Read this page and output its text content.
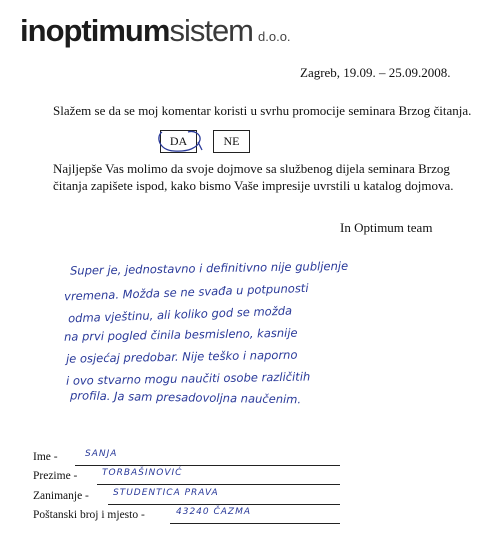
inoptimumsistem d.o.o.
Zagreb, 19.09. – 25.09.2008.
Slažem se da se moj komentar koristi u svrhu promocije seminara Brzog čitanja.
DA	NE
Najljepše Vas molimo da svoje dojmove sa službenog dijela seminara Brzog
čitanja zapišete ispod, kako bismo Vaše impresije uvrstili u katalog dojmova.
In Optimum team
Super je, jednostavno i definitivno nije gubljenje
vremena. Možda se ne svađa u potpunosti
odma vještinu, ali koliko god se možda
na prvi pogled činila besmisleno, kasnije
je osjećaj predobar. Nije teško i naporno
i ovo stvarno mogu naučiti osobe različitih
profila. Ja sam presadovoljna naučenim.
Ime -	SANJA
Prezime -	TORBAŠINOVIĆ
Zanimanje -	STUDENTICA PRAVA
Poštanski broj i mjesto -	43240 ČAZMA
